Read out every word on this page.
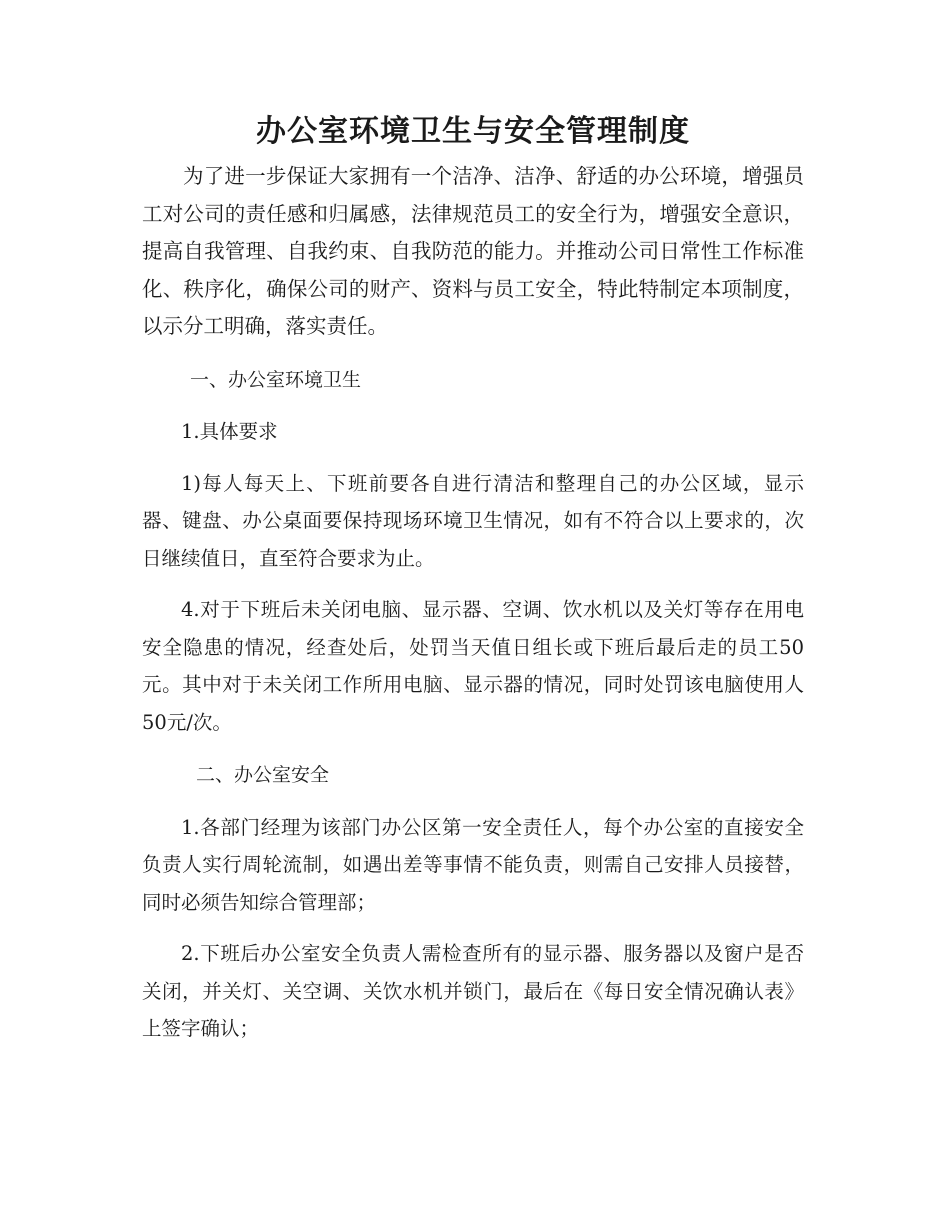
办公室环境卫生与安全管理制度

为了进一步保证大家拥有一个洁净、洁净、舒适的办公环境，增强员工对公司的责任感和归属感，法律规范员工的安全行为，增强安全意识，提高自我管理、自我约束、自我防范的能力。并推动公司日常性工作标准化、秩序化，确保公司的财产、资料与员工安全，特此特制定本项制度，以示分工明确，落实责任。

一、办公室环境卫生

1.具体要求

1)每人每天上、下班前要各自进行清洁和整理自己的办公区域，显示器、键盘、办公桌面要保持现场环境卫生情况，如有不符合以上要求的，次日继续值日，直至符合要求为止。

4.对于下班后未关闭电脑、显示器、空调、饮水机以及关灯等存在用电安全隐患的情况，经查处后，处罚当天值日组长或下班后最后走的员工50元。其中对于未关闭工作所用电脑、显示器的情况，同时处罚该电脑使用人50元/次。

二、办公室安全

1.各部门经理为该部门办公区第一安全责任人，每个办公室的直接安全负责人实行周轮流制，如遇出差等事情不能负责，则需自己安排人员接替，同时必须告知综合管理部；

2.下班后办公室安全负责人需检查所有的显示器、服务器以及窗户是否关闭，并关灯、关空调、关饮水机并锁门，最后在《每日安全情况确认表》上签字确认；
